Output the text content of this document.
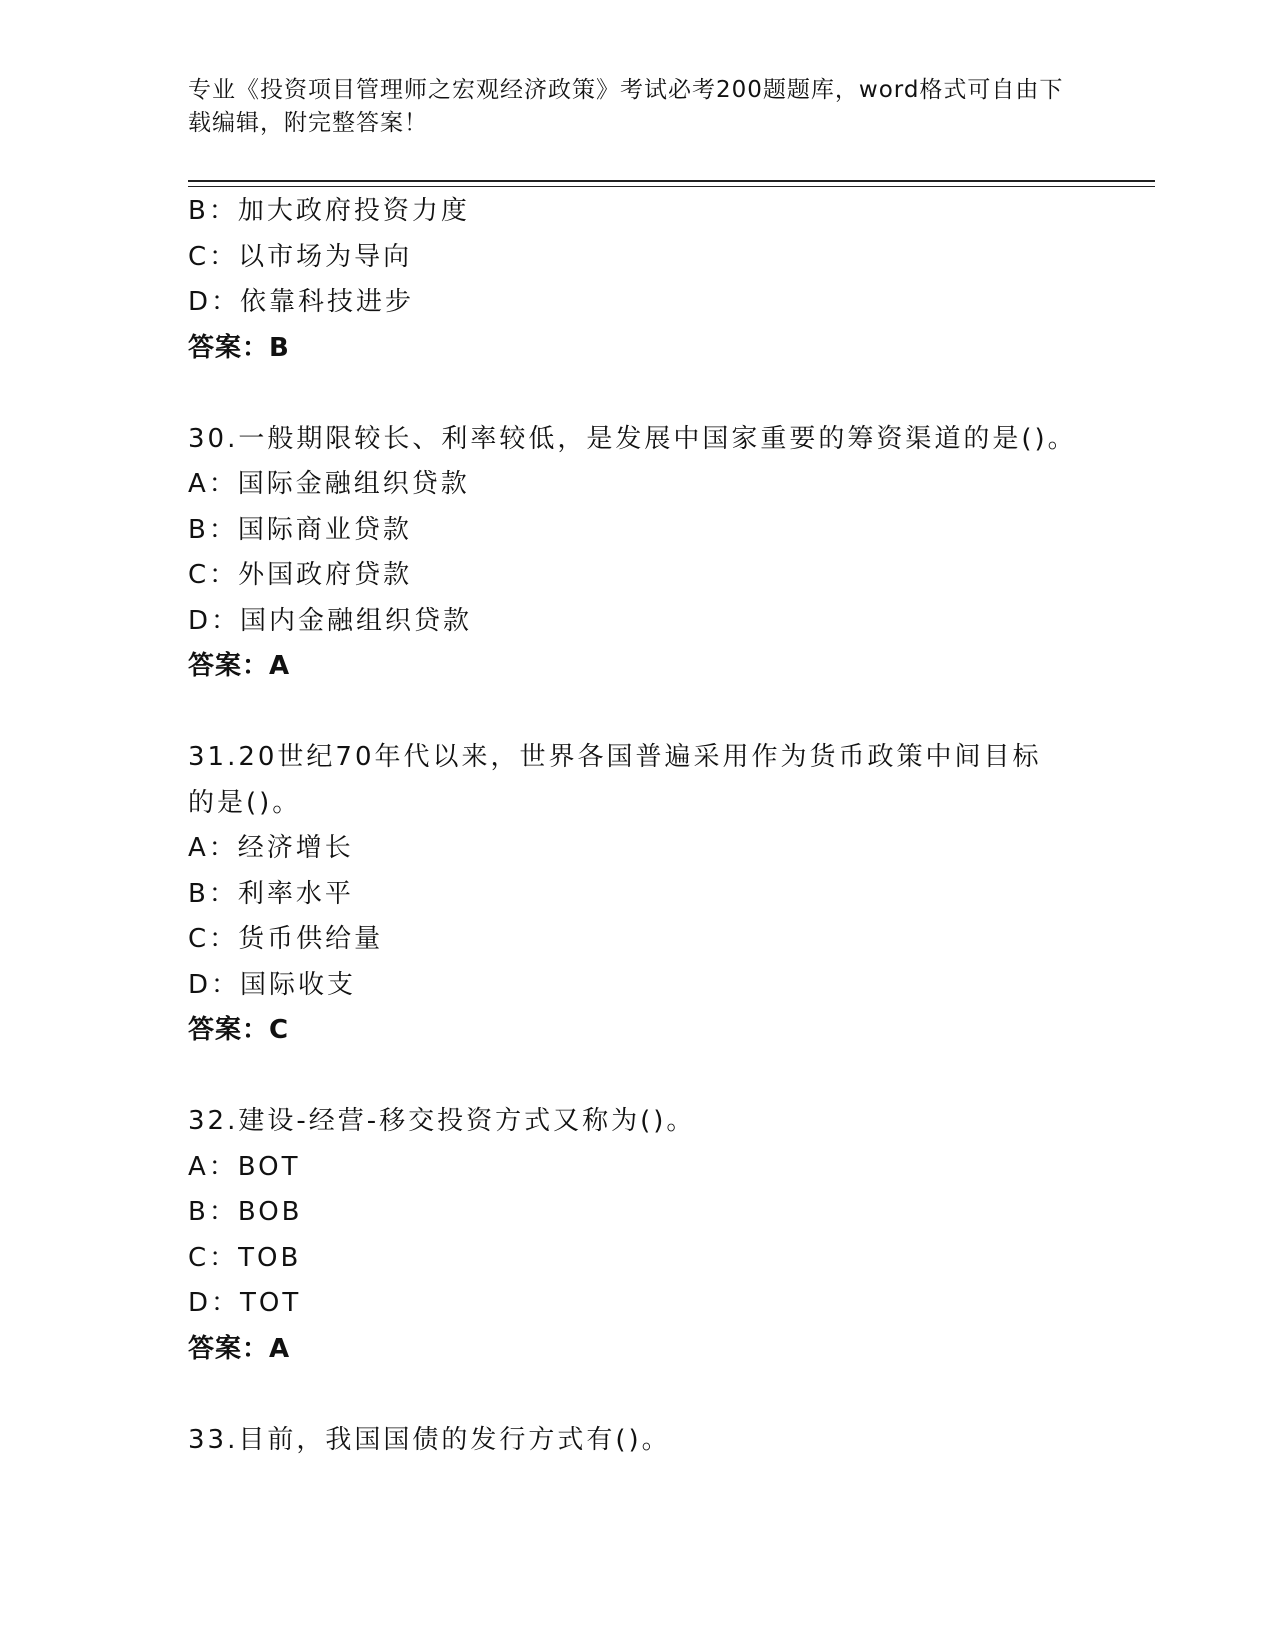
专业《投资项目管理师之宏观经济政策》考试必考200题题库，word格式可自由下载编辑，附完整答案！
B：加大政府投资力度
C：以市场为导向
D：依靠科技进步
答案：B
30.一般期限较长、利率较低，是发展中国家重要的筹资渠道的是()。
A：国际金融组织贷款
B：国际商业贷款
C：外国政府贷款
D：国内金融组织贷款
答案：A
31.20世纪70年代以来，世界各国普遍采用作为货币政策中间目标的是()。
A：经济增长
B：利率水平
C：货币供给量
D：国际收支
答案：C
32.建设-经营-移交投资方式又称为()。
A：BOT
B：BOB
C：TOB
D：TOT
答案：A
33.目前，我国国债的发行方式有()。
